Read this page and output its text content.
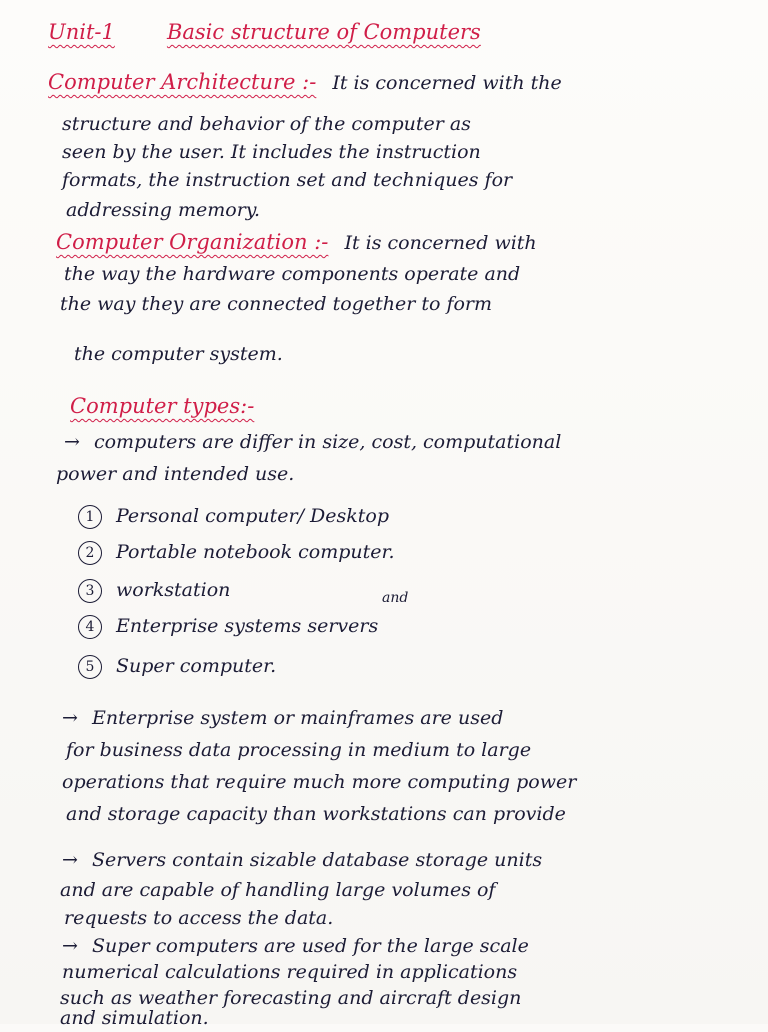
Unit-1 Basic structure of Computers
Computer Architecture :- It is concerned with the
structure and behavior of the computer as
seen by the user. It includes the instruction
formats, the instruction set and techniques for
addressing memory.
Computer Organization :- It is concerned with
the way the hardware components operate and
the way they are connected together to form
the computer system.
Computer types:-
→ computers are differ in size, cost, computational
power and intended use.
1 Personal computer/ Desktop
2 Portable notebook computer.
3 workstation	and
4 Enterprise systems servers
5 Super computer.
→ Enterprise system or mainframes are used
for business data processing in medium to large
operations that require much more computing power
and storage capacity than workstations can provide
→ Servers contain sizable database storage units
and are capable of handling large volumes of
requests to access the data.
→ Super computers are used for the large scale
numerical calculations required in applications
such as weather forecasting and aircraft design
and simulation.
